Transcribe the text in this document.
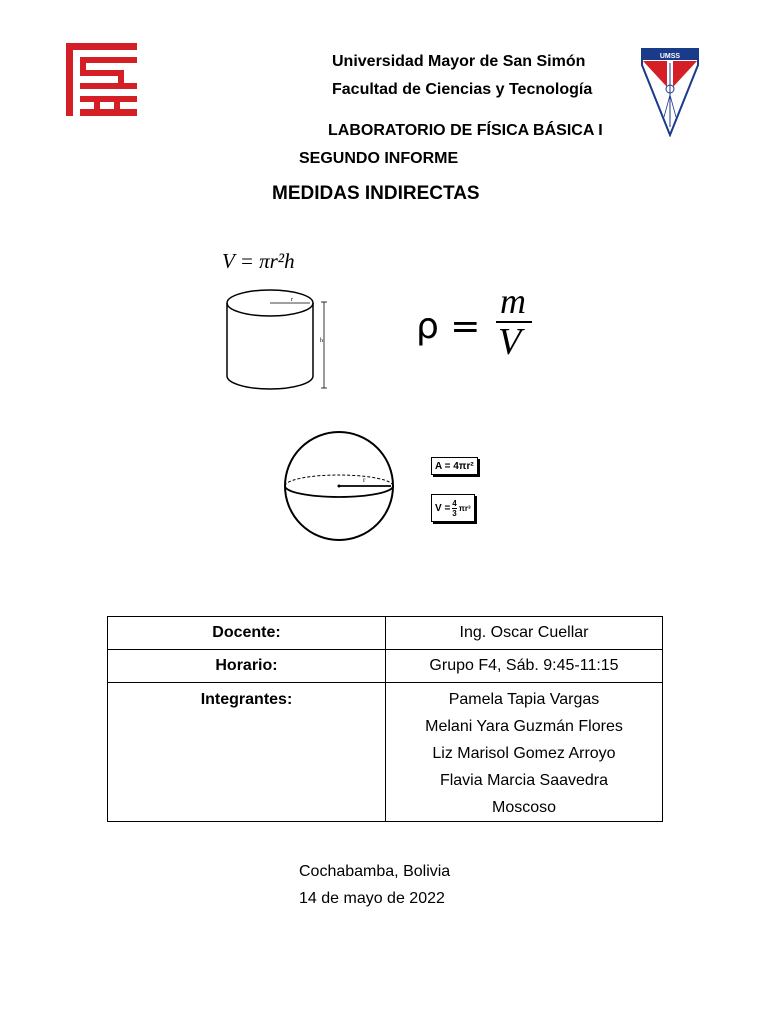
UMSS
Universidad Mayor de San Simón
Facultad de Ciencias y Tecnología
LABORATORIO DE FÍSICA BÁSICA I
SEGUNDO INFORME
MEDIDAS INDIRECTAS
V = πr²h
r
h	ρ =
m
V
r
A = 4πr²
$V = \frac{4}{3} \pi r^3$
Docente:	Ing. Oscar Cuellar
Horario:	Grupo F4, Sáb. 9:45-11:15
Integrantes:	Pamela Tapia Vargas
Melani Yara Guzmán Flores
Liz Marisol Gomez Arroyo
Flavia Marcia Saavedra
Moscoso
Cochabamba, Bolivia
14 de mayo de 2022
